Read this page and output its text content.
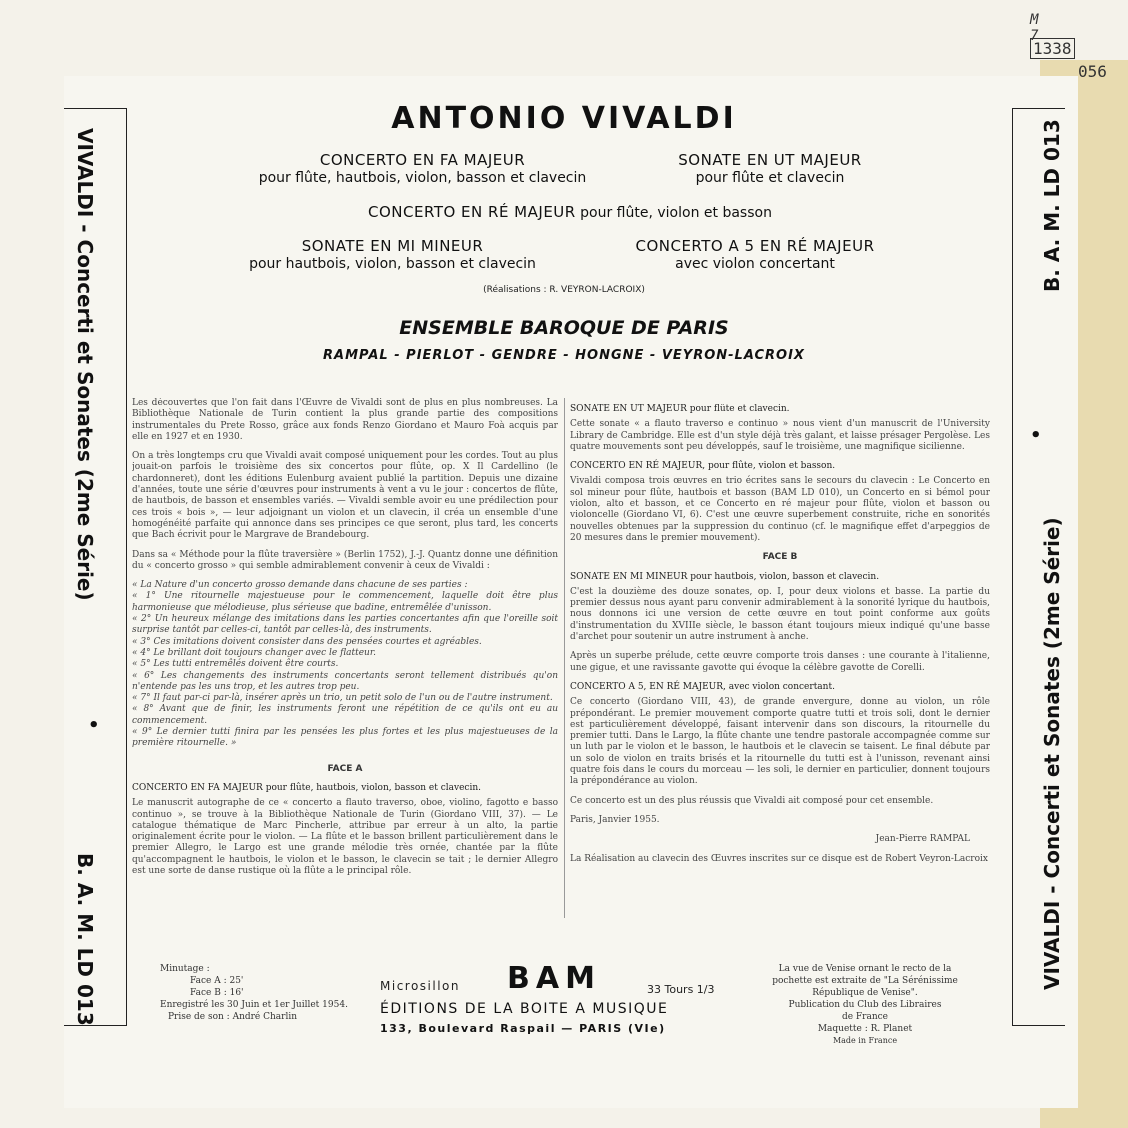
M 7
1338
056
VIVALDI - Concerti et Sonates (2me Série)
•
B. A. M. LD 013
B. A. M. LD 013
•
VIVALDI - Concerti et Sonates (2me Série)
ANTONIO VIVALDI
CONCERTO EN FA MAJEUR
pour flûte, hautbois, violon, basson et clavecin
SONATE EN UT MAJEUR
pour flûte et clavecin
CONCERTO EN RÉ MAJEUR pour flûte, violon et basson
SONATE EN MI MINEUR
pour hautbois, violon, basson et clavecin
CONCERTO A 5 EN RÉ MAJEUR
avec violon concertant
(Réalisations : R. VEYRON-LACROIX)
ENSEMBLE BAROQUE DE PARIS
RAMPAL - PIERLOT - GENDRE - HONGNE - VEYRON-LACROIX

Les découvertes que l'on fait dans l'Œuvre de Vivaldi sont de plus en plus nombreuses. La Bibliothèque Nationale de Turin contient la plus grande partie des compositions instrumentales du Prete Rosso, grâce aux fonds Renzo Giordano et Mauro Foà acquis par elle en 1927 et en 1930.

On a très longtemps cru que Vivaldi avait composé uniquement pour les cordes. Tout au plus jouait-on parfois le troisième des six concertos pour flûte, op. X Il Cardellino (le chardonneret), dont les éditions Eulenburg avaient publié la partition. Depuis une dizaine d'années, toute une série d'œuvres pour instruments à vent a vu le jour : concertos de flûte, de hautbois, de basson et ensembles variés. — Vivaldi semble avoir eu une prédilection pour ces trois « bois », — leur adjoignant un violon et un clavecin, il créa un ensemble d'une homogénéité parfaite qui annonce dans ses principes ce que seront, plus tard, les concerts que Bach écrivit pour le Margrave de Brandebourg.

Dans sa « Méthode pour la flûte traversière » (Berlin 1752), J.-J. Quantz donne une définition du « concerto grosso » qui semble admirablement convenir à ceux de Vivaldi :

« La Nature d'un concerto grosso demande dans chacune de ses parties :
« 1° Une ritournelle majestueuse pour le commencement, laquelle doit être plus harmonieuse que mélodieuse, plus sérieuse que badine, entremêlée d'unisson.
« 2° Un heureux mélange des imitations dans les parties concertantes afin que l'oreille soit surprise tantôt par celles-ci, tantôt par celles-là, des instruments.
« 3° Ces imitations doivent consister dans des pensées courtes et agréables.
« 4° Le brillant doit toujours changer avec le flatteur.
« 5° Les tutti entremêlés doivent être courts.
« 6° Les changements des instruments concertants seront tellement distribués qu'on n'entende pas les uns trop, et les autres trop peu.
« 7° Il faut par-ci par-là, insérer après un trio, un petit solo de l'un ou de l'autre instrument.
« 8° Avant que de finir, les instruments feront une répétition de ce qu'ils ont eu au commencement.
« 9° Le dernier tutti finira par les pensées les plus fortes et les plus majestueuses de la première ritournelle. »
FACE A
CONCERTO EN FA MAJEUR pour flûte, hautbois, violon, basson et clavecin.

Le manuscrit autographe de ce « concerto a flauto traverso, oboe, violino, fagotto e basso continuo », se trouve à la Bibliothèque Nationale de Turin (Giordano VIII, 37). — Le catalogue thématique de Marc Pincherle, attribue par erreur à un alto, la partie originalement écrite pour le violon. — La flûte et le basson brillent particulièrement dans le premier Allegro, le Largo est une grande mélodie très ornée, chantée par la flûte qu'accompagnent le hautbois, le violon et le basson, le clavecin se tait ; le dernier Allegro est une sorte de danse rustique où la flûte a le principal rôle.

SONATE EN UT MAJEUR pour flûte et clavecin.

Cette sonate « a flauto traverso e continuo » nous vient d'un manuscrit de l'University Library de Cambridge. Elle est d'un style déjà très galant, et laisse présager Pergolèse. Les quatre mouvements sont peu développés, sauf le troisième, une magnifique sicilienne.

CONCERTO EN RÉ MAJEUR, pour flûte, violon et basson.

Vivaldi composa trois œuvres en trio écrites sans le secours du clavecin : Le Concerto en sol mineur pour flûte, hautbois et basson (BAM LD 010), un Concerto en si bémol pour violon, alto et basson, et ce Concerto en ré majeur pour flûte, violon et basson ou violoncelle (Giordano VI, 6). C'est une œuvre superbement construite, riche en sonorités nouvelles obtenues par la suppression du continuo (cf. le magnifique effet d'arpeggios de 20 mesures dans le premier mouvement).

FACE B
SONATE EN MI MINEUR pour hautbois, violon, basson et clavecin.

C'est la douzième des douze sonates, op. I, pour deux violons et basse. La partie du premier dessus nous ayant paru convenir admirablement à la sonorité lyrique du hautbois, nous donnons ici une version de cette œuvre en tout point conforme aux goûts d'instrumentation du XVIIIe siècle, le basson étant toujours mieux indiqué qu'une basse d'archet pour soutenir un autre instrument à anche.

Après un superbe prélude, cette œuvre comporte trois danses : une courante à l'italienne, une gigue, et une ravissante gavotte qui évoque la célèbre gavotte de Corelli.

CONCERTO A 5, EN RÉ MAJEUR, avec violon concertant.

Ce concerto (Giordano VIII, 43), de grande envergure, donne au violon, un rôle prépondérant. Le premier mouvement comporte quatre tutti et trois soli, dont le dernier est particulièrement développé, faisant intervenir dans son discours, la ritournelle du premier tutti. Dans le Largo, la flûte chante une tendre pastorale accompagnée comme sur un luth par le violon et le basson, le hautbois et le clavecin se taisent. Le final débute par un solo de violon en traits brisés et la ritournelle du tutti est à l'unisson, revenant ainsi quatre fois dans le cours du morceau — les soli, le dernier en particulier, donnent toujours la prépondérance au violon.

Ce concerto est un des plus réussis que Vivaldi ait composé pour cet ensemble.

Paris, Janvier 1955.

Jean-Pierre RAMPAL

La Réalisation au clavecin des Œuvres inscrites sur ce disque est de Robert Veyron-Lacroix

Minutage :
Face A : 25'
Face B : 16'
Enregistré les 30 Juin et 1er Juillet 1954.
Prise de son : André Charlin
Microsillon BAM	33 Tours 1/3
ÉDITIONS DE LA BOITE A MUSIQUE
133, Boulevard Raspail — PARIS (VIe)
La vue de Venise ornant le recto de la
pochette est extraite de "La Sérénissime
République de Venise".
Publication du Club des Libraires
de France
Maquette : R. Planet
Made in France
